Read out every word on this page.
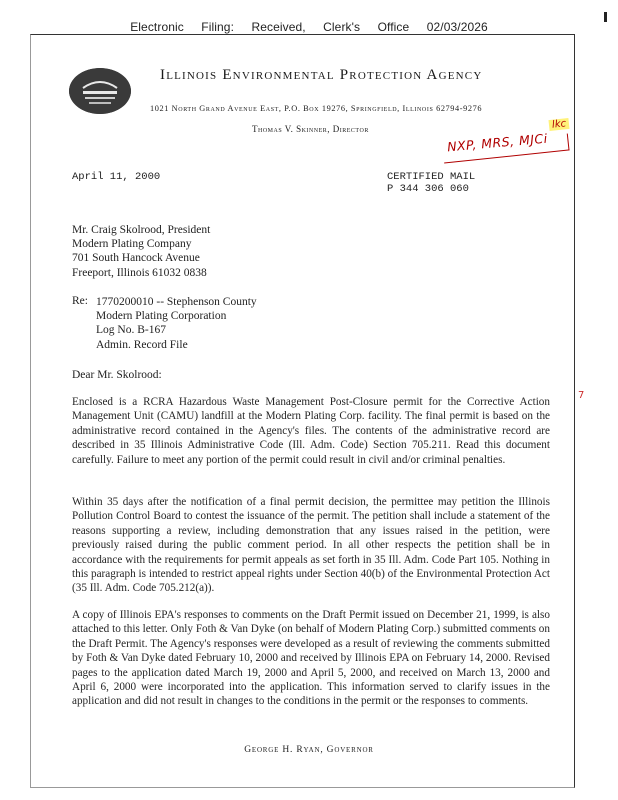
Electronic Filing: Received, Clerk's Office 02/03/2026
Illinois Environmental Protection Agency
1021 North Grand Avenue East, P.O. Box 19276, Springfield, Illinois 62794-9276
Thomas V. Skinner, Director	lkc
NXP, MRS, MJCi
April 11, 2000	CERTIFIED MAIL
P 344 306 060
Mr. Craig Skolrood, President
Modern Plating Company
701 South Hancock Avenue
Freeport, Illinois 61032 0838
Re: 1770200010 -- Stephenson County
Modern Plating Corporation
Log No. B-167
Admin. Record File
Dear Mr. Skolrood:
Enclosed is a RCRA Hazardous Waste Management Post-Closure permit for the Corrective Action Management Unit (CAMU) landfill at the Modern Plating Corp. facility. The final permit is based on the administrative record contained in the Agency's files. The contents of the administrative record are described in 35 Illinois Administrative Code (Ill. Adm. Code) Section 705.211. Read this document carefully. Failure to meet any portion of the permit could result in civil and/or criminal penalties.
7
Within 35 days after the notification of a final permit decision, the permittee may petition the Illinois Pollution Control Board to contest the issuance of the permit. The petition shall include a statement of the reasons supporting a review, including demonstration that any issues raised in the petition, were previously raised during the public comment period. In all other respects the petition shall be in accordance with the requirements for permit appeals as set forth in 35 Ill. Adm. Code Part 105. Nothing in this paragraph is intended to restrict appeal rights under Section 40(b) of the Environmental Protection Act (35 Ill. Adm. Code 705.212(a)).
A copy of Illinois EPA's responses to comments on the Draft Permit issued on December 21, 1999, is also attached to this letter. Only Foth & Van Dyke (on behalf of Modern Plating Corp.) submitted comments on the Draft Permit. The Agency's responses were developed as a result of reviewing the comments submitted by Foth & Van Dyke dated February 10, 2000 and received by Illinois EPA on February 14, 2000. Revised pages to the application dated March 19, 2000 and April 5, 2000, and received on March 13, 2000 and April 6, 2000 were incorporated into the application. This information served to clarify issues in the application and did not result in changes to the conditions in the permit or the responses to comments.
George H. Ryan, Governor
